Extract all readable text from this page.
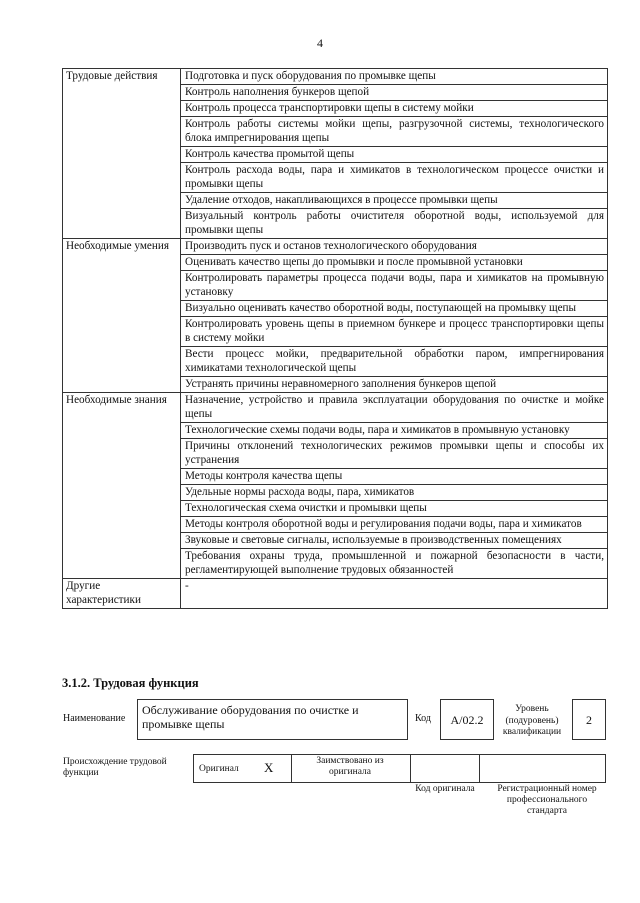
4
Трудовые действия	Подготовка и пуск оборудования по промывке щепы
	Контроль наполнения бункеров щепой
	Контроль процесса транспортировки щепы в систему мойки
	Контроль работы системы мойки щепы, разгрузочной системы, технологического блока импрегнирования щепы
	Контроль качества промытой щепы
	Контроль расхода воды, пара и химикатов в технологическом процессе очистки и промывки щепы
	Удаление отходов, накапливающихся в процессе промывки щепы
	Визуальный контроль работы очистителя оборотной воды, используемой для промывки щепы
Необходимые умения	Производить пуск и останов технологического оборудования
	Оценивать качество щепы до промывки и после промывной установки
	Контролировать параметры процесса подачи воды, пара и химикатов на промывную установку
	Визуально оценивать качество оборотной воды, поступающей на промывку щепы
	Контролировать уровень щепы в приемном бункере и процесс транспортировки щепы в систему мойки
	Вести процесс мойки, предварительной обработки паром, импрегнирования химикатами технологической щепы
	Устранять причины неравномерного заполнения бункеров щепой
Необходимые знания	Назначение, устройство и правила эксплуатации оборудования по очистке и мойке щепы
	Технологические схемы подачи воды, пара и химикатов в промывную установку
	Причины отклонений технологических режимов промывки щепы и способы их устранения
	Методы контроля качества щепы
	Удельные нормы расхода воды, пара, химикатов
	Технологическая схема очистки и промывки щепы
	Методы контроля оборотной воды и регулирования подачи воды, пара и химикатов
	Звуковые и световые сигналы, используемые в производственных помещениях
	Требования охраны труда, промышленной и пожарной безопасности в части, регламентирующей выполнение трудовых обязанностей
Другие характеристики	-
3.1.2. Трудовая функция
Наименование
Обслуживание оборудования по очистке и промывке щепы	Код	А/02.2
Уровень (подуровень) квалификации
2
Происхождение трудовой функции	Оригинал X	Заимствовано из оригинала
Код оригинала	Регистрационный номер профессионального стандарта
